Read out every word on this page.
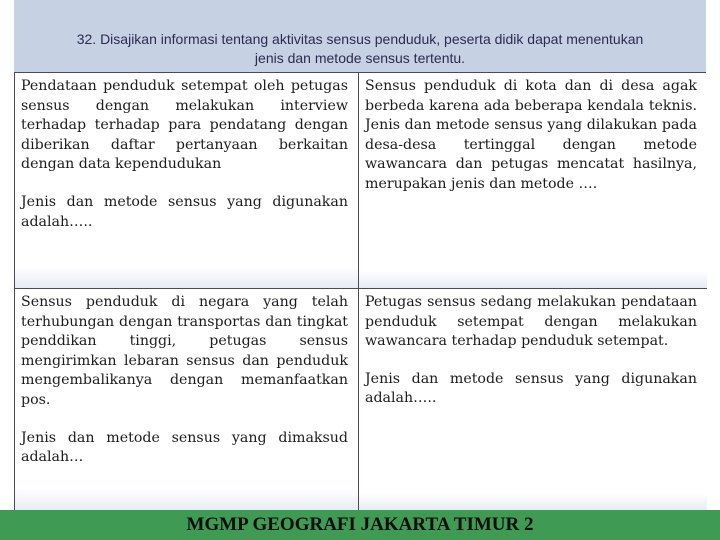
32. Disajikan informasi tentang aktivitas sensus penduduk, peserta didik dapat menentukan
jenis dan metode sensus tertentu.

Pendataan penduduk setempat oleh petugas sensus dengan melakukan interview terhadap terhadap para pendatang dengan diberikan daftar pertanyaan berkaitan dengan data kependudukan

Jenis dan metode sensus yang digunakan adalah…..

Sensus penduduk di kota dan di desa agak berbeda karena ada beberapa kendala teknis. Jenis dan metode sensus yang dilakukan pada desa-desa tertinggal dengan metode wawancara dan petugas mencatat hasilnya, merupakan jenis dan metode ….

Sensus penduduk di negara yang telah terhubungan dengan transportas dan tingkat penddikan tinggi, petugas sensus mengirimkan lebaran sensus dan penduduk mengembalikanya dengan memanfaatkan pos.

Jenis dan metode sensus yang dimaksud adalah…

Petugas sensus sedang melakukan pendataan penduduk setempat dengan melakukan wawancara terhadap penduduk setempat.

Jenis dan metode sensus yang digunakan adalah…..

MGMP GEOGRAFI JAKARTA TIMUR 2
